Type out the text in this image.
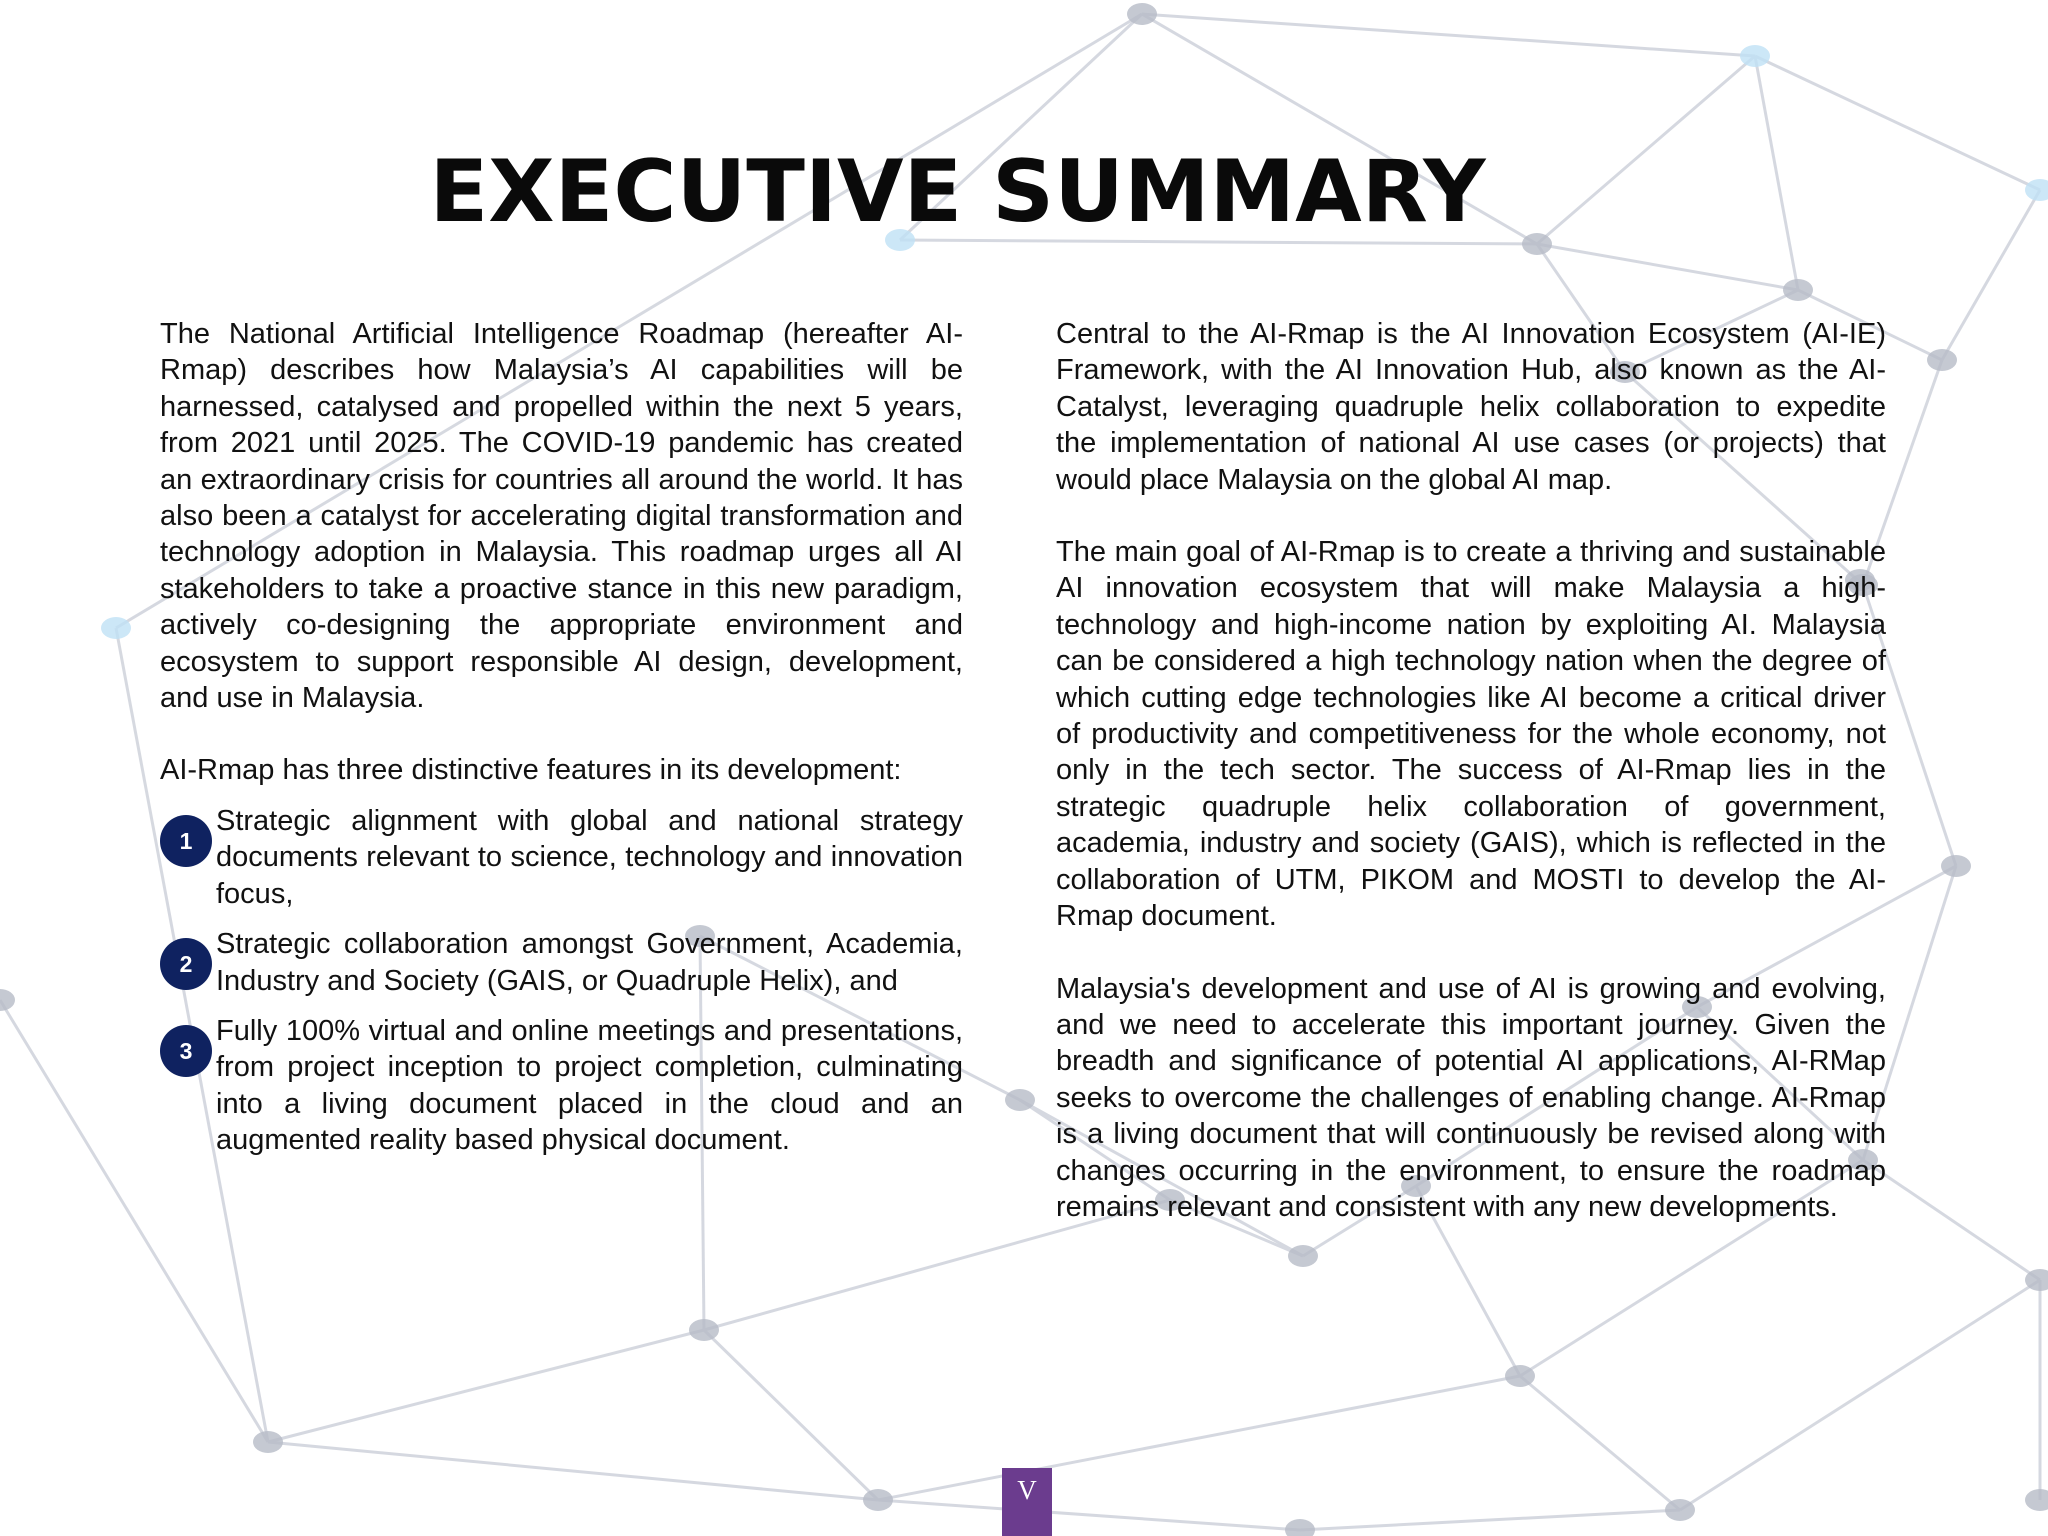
EXECUTIVE SUMMARY

The National Artificial Intelligence Roadmap (hereafter AI-Rmap) describes how Malaysia’s AI capabilities will be harnessed, catalysed and propelled within the next 5 years, from 2021 until 2025. The COVID-19 pandemic has created an extraordinary crisis for countries all around the world. It has also been a catalyst for accelerating digital transformation and technology adoption in Malaysia. This roadmap urges all AI stakeholders to take a proactive stance in this new paradigm, actively co-designing the appropriate environment and ecosystem to support responsible AI design, development, and use in Malaysia.

AI-Rmap has three distinctive features in its development:

1
Strategic alignment with global and national strategy documents relevant to science, technology and innovation focus,
2
Strategic collaboration amongst Government, Academia, Industry and Society (GAIS, or Quadruple Helix), and
3
Fully 100% virtual and online meetings and presentations, from project inception to project completion, culminating into a living document placed in the cloud and an augmented reality based physical document.

Central to the AI-Rmap is the AI Innovation Ecosystem (AI-IE) Framework, with the AI Innovation Hub, also known as the AI-Catalyst, leveraging quadruple helix collaboration to expedite the implementation of national AI use cases (or projects) that would place Malaysia on the global AI map.

The main goal of AI-Rmap is to create a thriving and sustainable AI innovation ecosystem that will make Malaysia a high-technology and high-income nation by exploiting AI. Malaysia can be considered a high technology nation when the degree of which cutting edge technologies like AI become a critical driver of productivity and competitiveness for the whole economy, not only in the tech sector. The success of AI-Rmap lies in the strategic quadruple helix collaboration of government, academia, industry and society (GAIS), which is reflected in the collaboration of UTM, PIKOM and MOSTI to develop the AI-Rmap document.

Malaysia's development and use of AI is growing and evolving, and we need to accelerate this important journey. Given the breadth and significance of potential AI applications, AI-RMap seeks to overcome the challenges of enabling change. AI-Rmap is a living document that will continuously be revised along with changes occurring in the environment, to ensure the roadmap remains relevant and consistent with any new developments.

V
